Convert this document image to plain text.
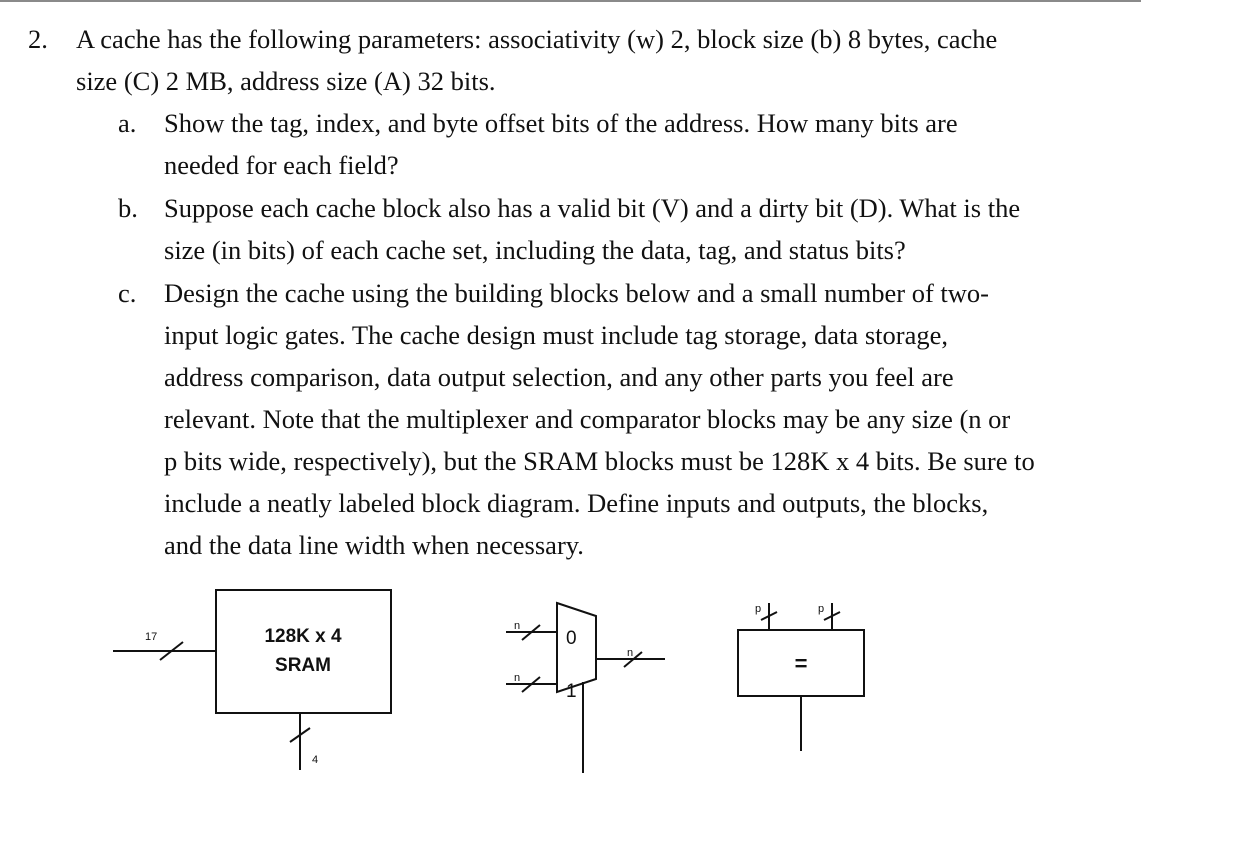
2. A cache has the following parameters: associativity (w) 2, block size (b) 8 bytes, cache
size (C) 2 MB, address size (A) 32 bits.
a. Show the tag, index, and byte offset bits of the address. How many bits are
needed for each field?
b. Suppose each cache block also has a valid bit (V) and a dirty bit (D). What is the
size (in bits) of each cache set, including the data, tag, and status bits?
c. Design the cache using the building blocks below and a small number of two-
input logic gates. The cache design must include tag storage, data storage,
address comparison, data output selection, and any other parts you feel are
relevant. Note that the multiplexer and comparator blocks may be any size (n or
p bits wide, respectively), but the SRAM blocks must be 128K x 4 bits. Be sure to
include a neatly labeled block diagram. Define inputs and outputs, the blocks,
and the data line width when necessary.
128K x 4
SRAM
17
4
0
1
n
n
n	=
p	p
